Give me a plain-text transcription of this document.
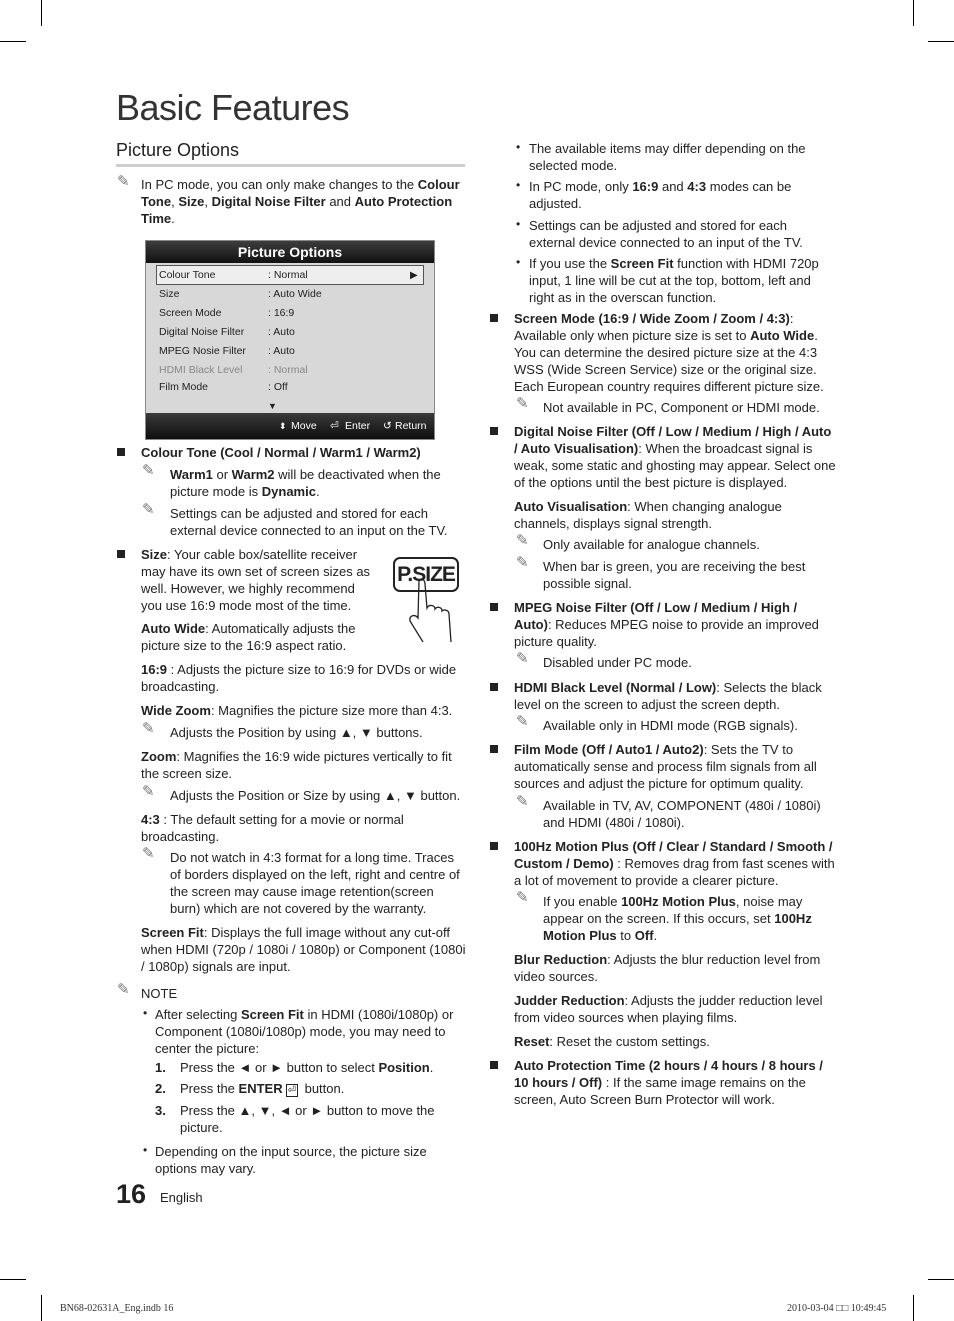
Basic Features
Picture Options
✎ In PC mode, you can only make changes to the Colour Tone, Size, Digital Noise Filter and Auto Protection Time.

Picture Options
Colour Tone	: Normal	▶
Size	: Auto Wide
Screen Mode	: 16:9
Digital Noise Filter : Auto
MPEG Nosie Filter : Auto
HDMI Black Level : Normal
Film Mode	: Off
▼
⬍ Move ⏎ Enter ↺ Return

Colour Tone (Cool / Normal / Warm1 / Warm2)

✎ Warm1 or Warm2 will be deactivated when the picture mode is Dynamic.

✎ Settings can be adjusted and stored for each external device connected to an input on the TV.

Size: Your cable box/satellite receiver may have its own set of screen sizes as well. However, we highly recommend you use 16:9 mode most of the time.

P.SIZE

Auto Wide: Automatically adjusts the picture size to the 16:9 aspect ratio.

16:9 : Adjusts the picture size to 16:9 for DVDs or wide broadcasting.

Wide Zoom: Magnifies the picture size more than 4:3.

✎ Adjusts the Position by using ▲, ▼ buttons.

Zoom: Magnifies the 16:9 wide pictures vertically to fit the screen size.

✎ Adjusts the Position or Size by using ▲, ▼ button.

4:3 : The default setting for a movie or normal broadcasting.

✎ Do not watch in 4:3 format for a long time. Traces of borders displayed on the left, right and centre of the screen may cause image retention(screen burn) which are not covered by the warranty.

Screen Fit: Displays the full image without any cut-off when HDMI (720p / 1080i / 1080p) or Component (1080i / 1080p) signals are input.

✎ NOTE

• After selecting Screen Fit in HDMI (1080i/1080p) or Component (1080i/1080p) mode, you may need to center the picture:

1. Press the ◄ or ► button to select Position.

2. Press the ENTER ⏎ button.

3. Press the ▲, ▼, ◄ or ► button to move the picture.

• Depending on the input source, the picture size options may vary.

• The available items may differ depending on the selected mode.

• In PC mode, only 16:9 and 4:3 modes can be adjusted.

• Settings can be adjusted and stored for each external device connected to an input of the TV.

• If you use the Screen Fit function with HDMI 720p input, 1 line will be cut at the top, bottom, left and right as in the overscan function.

Screen Mode (16:9 / Wide Zoom / Zoom / 4:3): Available only when picture size is set to Auto Wide. You can determine the desired picture size at the 4:3 WSS (Wide Screen Service) size or the original size. Each European country requires different picture size.

✎ Not available in PC, Component or HDMI mode.

Digital Noise Filter (Off / Low / Medium / High / Auto / Auto Visualisation): When the broadcast signal is weak, some static and ghosting may appear. Select one of the options until the best picture is displayed.

Auto Visualisation: When changing analogue channels, displays signal strength.

✎ Only available for analogue channels.

✎ When bar is green, you are receiving the best possible signal.

MPEG Noise Filter (Off / Low / Medium / High / Auto): Reduces MPEG noise to provide an improved picture quality.

✎ Disabled under PC mode.

HDMI Black Level (Normal / Low): Selects the black level on the screen to adjust the screen depth.

✎ Available only in HDMI mode (RGB signals).

Film Mode (Off / Auto1 / Auto2): Sets the TV to automatically sense and process film signals from all sources and adjust the picture for optimum quality.

✎ Available in TV, AV, COMPONENT (480i / 1080i) and HDMI (480i / 1080i).

100Hz Motion Plus (Off / Clear / Standard / Smooth / Custom / Demo) : Removes drag from fast scenes with a lot of movement to provide a clearer picture.

✎ If you enable 100Hz Motion Plus, noise may appear on the screen. If this occurs, set 100Hz Motion Plus to Off.

Blur Reduction: Adjusts the blur reduction level from video sources.

Judder Reduction: Adjusts the judder reduction level from video sources when playing films.

Reset: Reset the custom settings.

Auto Protection Time (2 hours / 4 hours / 8 hours / 10 hours / Off) : If the same image remains on the screen, Auto Screen Burn Protector will work.

16 English
BN68-02631A_Eng.indb 16	2010-03-04 □□ 10:49:45
